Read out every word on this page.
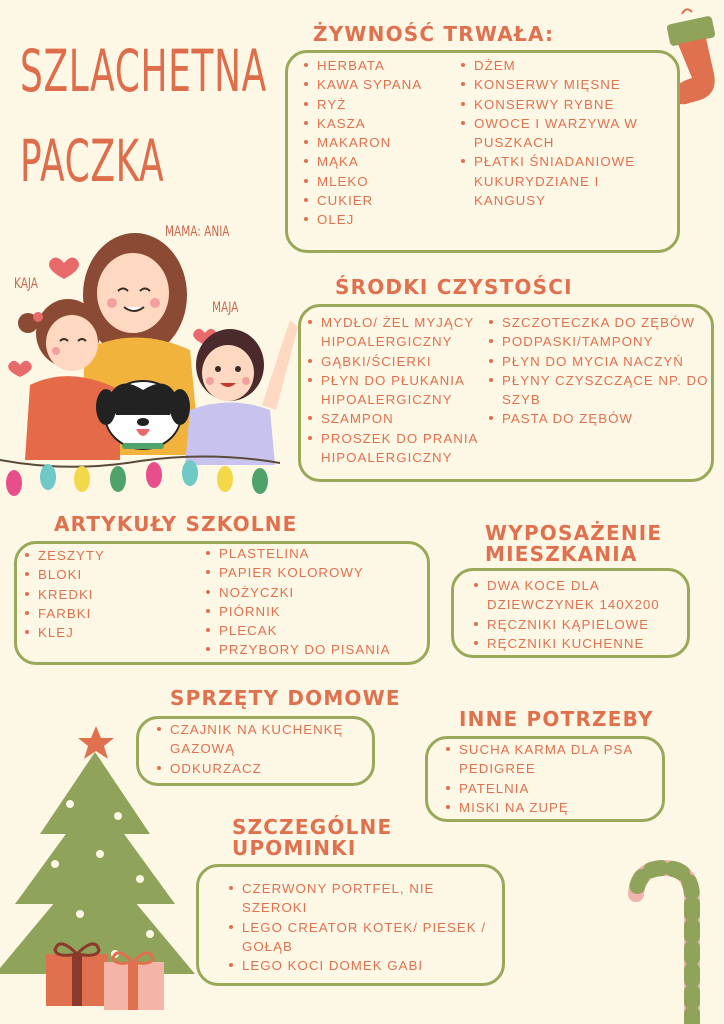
SZLACHETNA
PACZKA
MAMA: ANIA
KAJA
MAJA
ŻYWNOŚĆ TRWAŁA:
HERBATA
KAWA SYPANA
RYŻ
KASZA
MAKARON
MĄKA
MLEKO
CUKIER
OLEJ
DŻEM
KONSERWY MIĘSNE
KONSERWY RYBNE
OWOCE I WARZYWA W PUSZKACH
PŁATKI ŚNIADANIOWE KUKURYDZIANE I KANGUSY
ŚRODKI CZYSTOŚCI
MYDŁO/ ŻEL MYJĄCY HIPOALERGICZNY
GĄBKI/ŚCIERKI
PŁYN DO PŁUKANIA HIPOALERGICZNY
SZAMPON
PROSZEK DO PRANIA HIPOALERGICZNY
SZCZOTECZKA DO ZĘBÓW
PODPASKI/TAMPONY
PŁYN DO MYCIA NACZYŃ
PŁYNY CZYSZCZĄCE NP. DO SZYB
PASTA DO ZĘBÓW
ARTYKUŁY SZKOLNE
ZESZYTY
BLOKI
KREDKI
FARBKI
KLEJ
PLASTELINA
PAPIER KOLOROWY
NOŻYCZKI
PIÓRNIK
PLECAK
PRZYBORY DO PISANIA
WYPOSAŻENIE
MIESZKANIA
DWA KOCE DLA DZIEWCZYNEK 140X200
RĘCZNIKI KĄPIELOWE
RĘCZNIKI KUCHENNE
SPRZĘTY DOMOWE
CZAJNIK NA KUCHENKĘ GAZOWĄ
ODKURZACZ
INNE POTRZEBY
SUCHA KARMA DLA PSA PEDIGREE
PATELNIA
MISKI NA ZUPĘ
SZCZEGÓLNE
UPOMINKI
CZERWONY PORTFEL, NIE SZEROKI
LEGO CREATOR KOTEK/ PIESEK / GOŁĄB
LEGO KOCI DOMEK GABI
